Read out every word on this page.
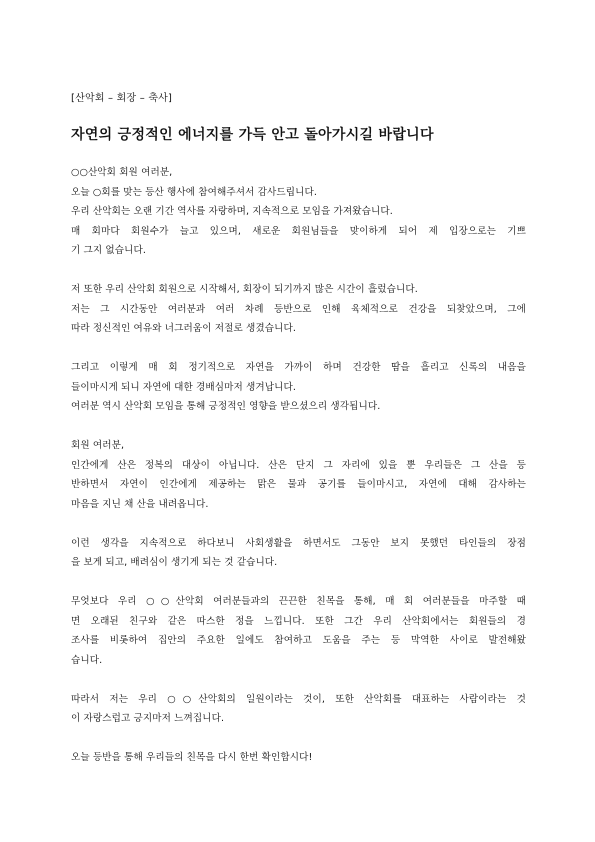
[산악회 – 회장 – 축사]
자연의 긍정적인 에너지를 가득 안고 돌아가시길 바랍니다
○○산악회 회원 여러분,
오늘 ○회를 맞는 등산 행사에 참여해주셔서 감사드립니다.
우리 산악회는 오랜 기간 역사를 자랑하며, 지속적으로 모임을 가져왔습니다.
매 회마다 회원수가 늘고 있으며, 새로운 회원님들을 맞이하게 되어 제 입장으로는 기쁘
기 그지 없습니다.
저 또한 우리 산악회 회원으로 시작해서, 회장이 되기까지 많은 시간이 흘렀습니다.
저는 그 시간동안 여러분과 여러 차례 등반으로 인해 육체적으로 건강을 되찾았으며, 그에
따라 정신적인 여유와 너그러움이 저절로 생겼습니다.
그리고 이렇게 매 회 정기적으로 자연을 가까이 하며 건강한 땀을 흘리고 신록의 내음을
들이마시게 되니 자연에 대한 경배심마저 생겨납니다.
여러분 역시 산악회 모임을 통해 긍정적인 영향을 받으셨으리 생각됩니다.
회원 여러분,
인간에게 산은 정복의 대상이 아닙니다. 산은 단지 그 자리에 있을 뿐 우리들은 그 산을 등
반하면서 자연이 인간에게 제공하는 맑은 물과 공기를 들이마시고, 자연에 대해 감사하는
마음을 지닌 채 산을 내려옵니다.
이런 생각을 지속적으로 하다보니 사회생활을 하면서도 그동안 보지 못했던 타인들의 장점
을 보게 되고, 배려심이 생기게 되는 것 같습니다.
무엇보다 우리 ○○산악회 여러분들과의 끈끈한 친목을 통해, 매 회 여러분들을 마주할 때
면 오래된 친구와 같은 따스한 정을 느낍니다. 또한 그간 우리 산악회에서는 회원들의 경
조사를 비롯하여 집안의 주요한 일에도 참여하고 도움을 주는 등 막역한 사이로 발전해왔
습니다.
따라서 저는 우리 ○○산악회의 일원이라는 것이, 또한 산악회를 대표하는 사람이라는 것
이 자랑스럽고 긍지마저 느껴집니다.
오늘 등반을 통해 우리들의 친목을 다시 한번 확인합시다!
